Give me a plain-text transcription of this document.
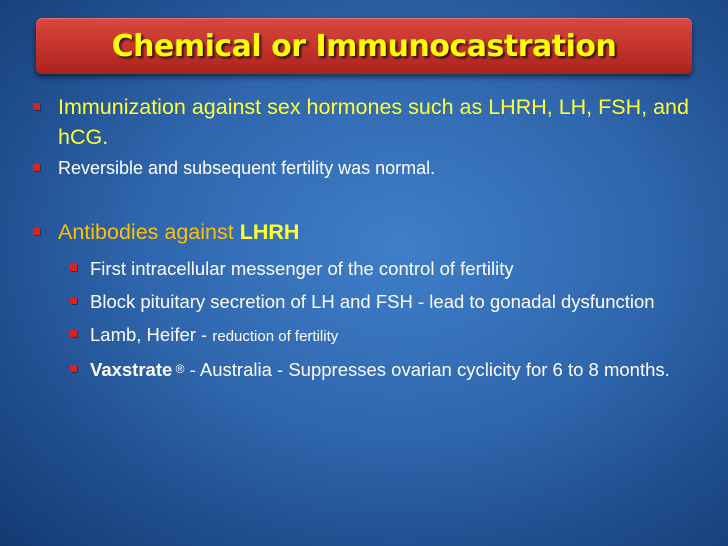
Chemical or Immunocastration
Immunization against sex hormones such as LHRH, LH, FSH, and hCG.
Reversible and subsequent fertility was normal.
Antibodies against LHRH
First intracellular messenger of the control of fertility
Block pituitary secretion of LH and FSH - lead to gonadal dysfunction
Lamb, Heifer - reduction of fertility
Vaxstrate ® - Australia - Suppresses ovarian cyclicity for 6 to 8 months.
